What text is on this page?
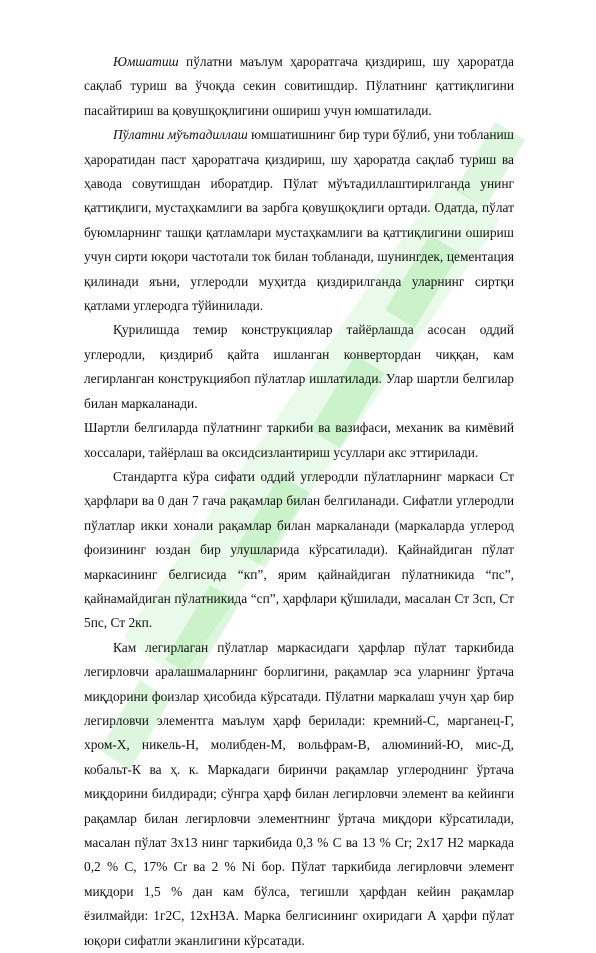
Юмшатиш пўлатни маълум ҳароратгача қиздириш, шу ҳароратда сақлаб туриш ва ўчоқда секин совитишдир. Пўлатнинг қаттиқлигини пасайтириш ва қовушқоқлигини ошириш учун юмшатилади.

Пўлатни мўътадиллаш юмшатишнинг бир тури бўлиб, уни тобланиш ҳароратидан паст ҳароратгача қиздириш, шу ҳароратда сақлаб туриш ва ҳавода совутишдан иборатдир. Пўлат мўътадиллаштирилганда унинг қаттиқлиги, мустаҳкамлиги ва зарбга қовушқоқлиги ортади. Одатда, пўлат буюмларнинг ташқи қатламлари мустаҳкамлиги ва қаттиқлигини ошириш учун сирти юқори частотали ток билан тобланади, шунингдек, цементация қилинади яъни, углеродли муҳитда қиздирилганда уларнинг сиртқи қатлами углеродга тўйинилади.

Қурилишда темир конструкциялар тайёрлашда асосан оддий углеродли, қиздириб қайта ишланган конвертордан чиққан, кам легирланган конструкциябоп пўлатлар ишлатилади. Улар шартли белгилар билан маркаланади.

Шартли белгиларда пўлатнинг таркиби ва вазифаси, механик ва кимёвий хоссалари, тайёрлаш ва оксидсизлантириш усуллари акс эттирилади.

Стандартга кўра сифати оддий углеродли пўлатларнинг маркаси Ст ҳарфлари ва 0 дан 7 гача рақамлар билан белгиланади. Сифатли углеродли пўлатлар икки хонали рақамлар билан маркаланади (маркаларда углерод фоизининг юздан бир улушларида кўрсатилади). Қайнайдиган пўлат маркасининг белгисида “кп”, ярим қайнайдиган пўлатникида “пс”, қайнамайдиган пўлатникида “сп”, ҳарфлари қўшилади, масалан Ст 3сп, Ст 5пс, Ст 2кп.

Кам легирлаган пўлатлар маркасидаги ҳарфлар пўлат таркибида легирловчи аралашмаларнинг борлигини, рақамлар эса уларнинг ўртача миқдорини фоизлар ҳисобида кўрсатади. Пўлатни маркалаш учун ҳар бир легирловчи элементга маълум ҳарф берилади: кремний-С, марганец-Г, хром-Х, никель-Н, молибден-М, вольфрам-В, алюминий-Ю, мис-Д, кобальт-К ва ҳ. к. Маркадаги биринчи рақамлар углероднинг ўртача миқдорини билдиради; сўнгра ҳарф билан легирловчи элемент ва кейинги рақамлар билан легирловчи элементнинг ўртача миқдори кўрсатилади, масалан пўлат 3х13 нинг таркибида 0,3 % С ва 13 % Cr; 2х17 Н2 маркада 0,2 % С, 17% Cr ва 2 % Ni бор. Пўлат таркибида легирловчи элемент миқдори 1,5 % дан кам бўлса, тегишли ҳарфдан кейин рақамлар ёзилмайди: 1г2С, 12хН3А. Марка белгисининг охиридаги А ҳарфи пўлат юқори сифатли эканлигини кўрсатади.
